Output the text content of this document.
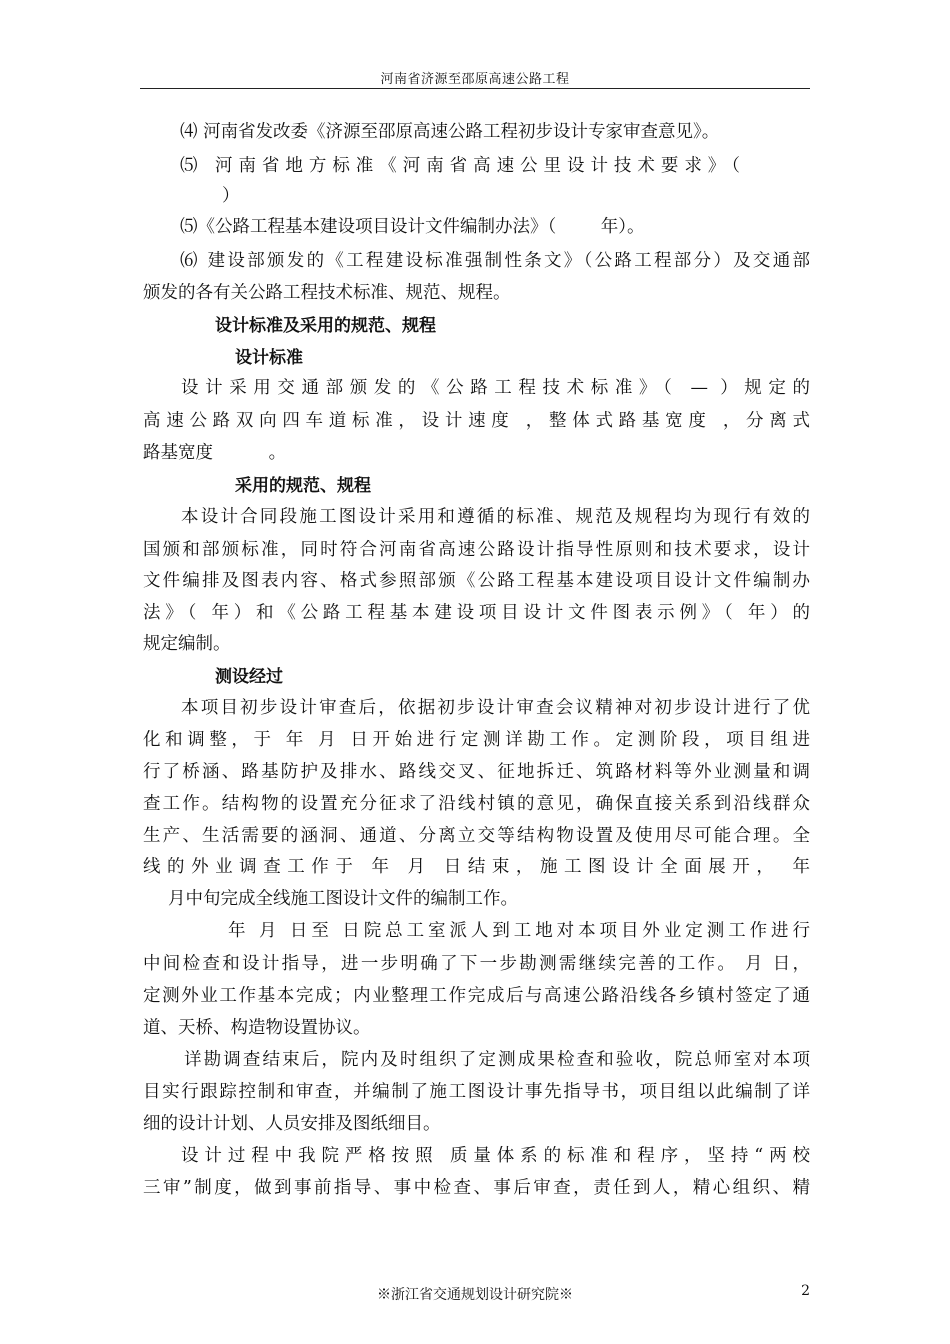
河南省济源至邵原高速公路工程
⑷ 河南省发改委《济源至邵原高速公路工程初步设计专家审查意见》。
⑸ 河南省地方标准《河南省高速公里设计技术要求》（
）
⑸《公路工程基本建设项目设计文件编制办法》（        年）。
⑹ 建设部颁发的《工程建设标准强制性条文》（公路工程部分）及交通部
颁发的各有关公路工程技术标准、规范、规程。
设计标准及采用的规范、规程
设计标准
设计采用交通部颁发的《公路工程技术标准》（ — ）规定的
高速公路双向四车道标准，设计速度 ，整体式路基宽度 ，分离式
路基宽度          。
采用的规范、规程
本设计合同段施工图设计采用和遵循的标准、规范及规程均为现行有效的
国颁和部颁标准，同时符合河南省高速公路设计指导性原则和技术要求，设计
文件编排及图表内容、格式参照部颁《公路工程基本建设项目设计文件编制办
法》（ 年）和《公路工程基本建设项目设计文件图表示例》（ 年）的
规定编制。
测设经过
本项目初步设计审查后，依据初步设计审查会议精神对初步设计进行了优
化和调整，于 年 月 日开始进行定测详勘工作。定测阶段，项目组进
行了桥涵、路基防护及排水、路线交叉、征地拆迁、筑路材料等外业测量和调
查工作。结构物的设置充分征求了沿线村镇的意见，确保直接关系到沿线群众
生产、生活需要的涵洞、通道、分离立交等结构物设置及使用尽可能合理。全
线的外业调查工作于 年 月 日结束，施工图设计全面展开， 年
月中旬完成全线施工图设计文件的编制工作。
年 月 日至 日院总工室派人到工地对本项目外业定测工作进行
中间检查和设计指导，进一步明确了下一步勘测需继续完善的工作。 月 日，
定测外业工作基本完成；内业整理工作完成后与高速公路沿线各乡镇村签定了通
道、天桥、构造物设置协议。
详勘调查结束后，院内及时组织了定测成果检查和验收，院总师室对本项
目实行跟踪控制和审查，并编制了施工图设计事先指导书，项目组以此编制了详
细的设计计划、人员安排及图纸细目。
设计过程中我院严格按照 质量体系的标准和程序，坚持“两校
三审”制度，做到事前指导、事中检查、事后审查，责任到人，精心组织、精
※浙江省交通规划设计研究院※	2
